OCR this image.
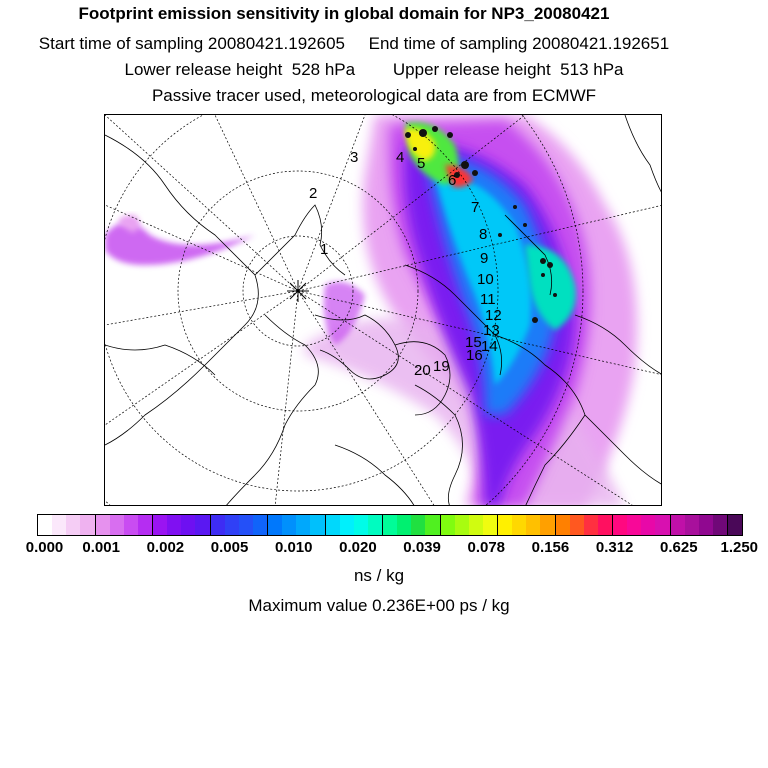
Footprint emission sensitivity in global domain for NP3_20080421
Start time of sampling 20080421.192605     End time of sampling 20080421.192651
Lower release height  528 hPa        Upper release height  513 hPa
Passive tracer used, meteorological data are from ECMWF
1
2
3	4 5
6
7
8
9
10
11
12
13
14
15
16
19
20
0.000 0.001 0.002 0.005 0.010 0.020 0.039 0.078 0.156 0.312 0.625 1.250
ns / kg
Maximum value 0.236E+00 ps / kg
